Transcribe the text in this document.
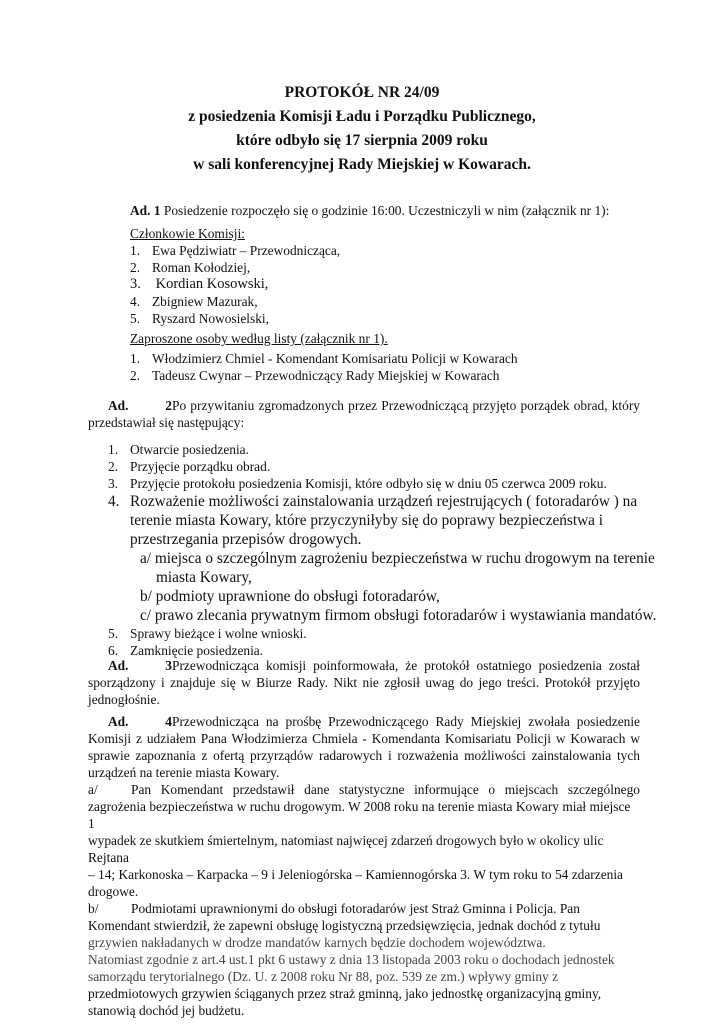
PROTOKÓŁ NR 24/09
z posiedzenia Komisji Ładu i Porządku Publicznego,
które odbyło się 17 sierpnia 2009 roku
w sali konferencyjnej Rady Miejskiej w Kowarach.
Ad. 1 Posiedzenie rozpoczęło się o godzinie 16:00. Uczestniczyli w nim (załącznik nr 1):
Członkowie Komisji:
1. Ewa Pędziwiatr – Przewodnicząca,
2. Roman Kołodziej,
3. Kordian Kosowski,
4. Zbigniew Mazurak,
5. Ryszard Nowosielski,
Zaproszone osoby według listy (załącznik nr 1).
1. Włodzimierz Chmiel - Komendant Komisariatu Policji w Kowarach
2. Tadeusz Cwynar – Przewodniczący Rady Miejskiej w Kowarach
Ad. 2Po przywitaniu zgromadzonych przez Przewodniczącą przyjęto porządek obrad, który
przedstawiał się następujący:
1. Otwarcie posiedzenia.
2. Przyjęcie porządku obrad.
3. Przyjęcie protokołu posiedzenia Komisji, które odbyło się w dniu 05 czerwca 2009 roku.
4. Rozważenie możliwości zainstalowania urządzeń rejestrujących ( fotoradarów ) na
terenie miasta Kowary, które przyczyniłyby się do poprawy bezpieczeństwa i
przestrzegania przepisów drogowych.
a/ miejsca o szczególnym zagrożeniu bezpieczeństwa w ruchu drogowym na terenie
miasta Kowary,
b/ podmioty uprawnione do obsługi fotoradarów,
c/ prawo zlecania prywatnym firmom obsługi fotoradarów i wystawiania mandatów.
5. Sprawy bieżące i wolne wnioski.
6. Zamknięcie posiedzenia.
Ad. 3Przewodnicząca komisji poinformowała, że protokół ostatniego posiedzenia został
sporządzony i znajduje się w Biurze Rady. Nikt nie zgłosił uwag do jego treści. Protokół przyjęto
jednogłośnie.
Ad. 4Przewodnicząca na prośbę Przewodniczącego Rady Miejskiej zwołała posiedzenie
Komisji z udziałem Pana Włodzimierza Chmiela - Komendanta Komisariatu Policji w Kowarach w
sprawie zapoznania z ofertą przyrządów radarowych i rozważenia możliwości zainstalowania tych
urządzeń na terenie miasta Kowary.
a/ Pan Komendant przedstawił dane statystyczne informujące o miejscach szczególnego
zagrożenia bezpieczeństwa w ruchu drogowym. W 2008 roku na terenie miasta Kowary miał miejsce 1
wypadek ze skutkiem śmiertelnym, natomiast najwięcej zdarzeń drogowych było w okolicy ulic Rejtana
– 14; Karkonoska – Karpacka – 9 i Jeleniogórska – Kamiennogórska 3. W tym roku to 54 zdarzenia
drogowe.
b/ Podmiotami uprawnionymi do obsługi fotoradarów jest Straż Gminna i Policja. Pan
Komendant stwierdził, że zapewni obsługę logistyczną przedsięwzięcia, jednak dochód z tytułu
grzywien nakładanych w drodze mandatów karnych będzie dochodem województwa.
Natomiast zgodnie z art.4 ust.1 pkt 6 ustawy z dnia 13 listopada 2003 roku o dochodach jednostek
samorządu terytorialnego (Dz. U. z 2008 roku Nr 88, poz. 539 ze zm.) wpływy gminy z
przedmiotowych grzywien ściąganych przez straż gminną, jako jednostkę organizacyjną gminy,
stanowią dochód jej budżetu.
